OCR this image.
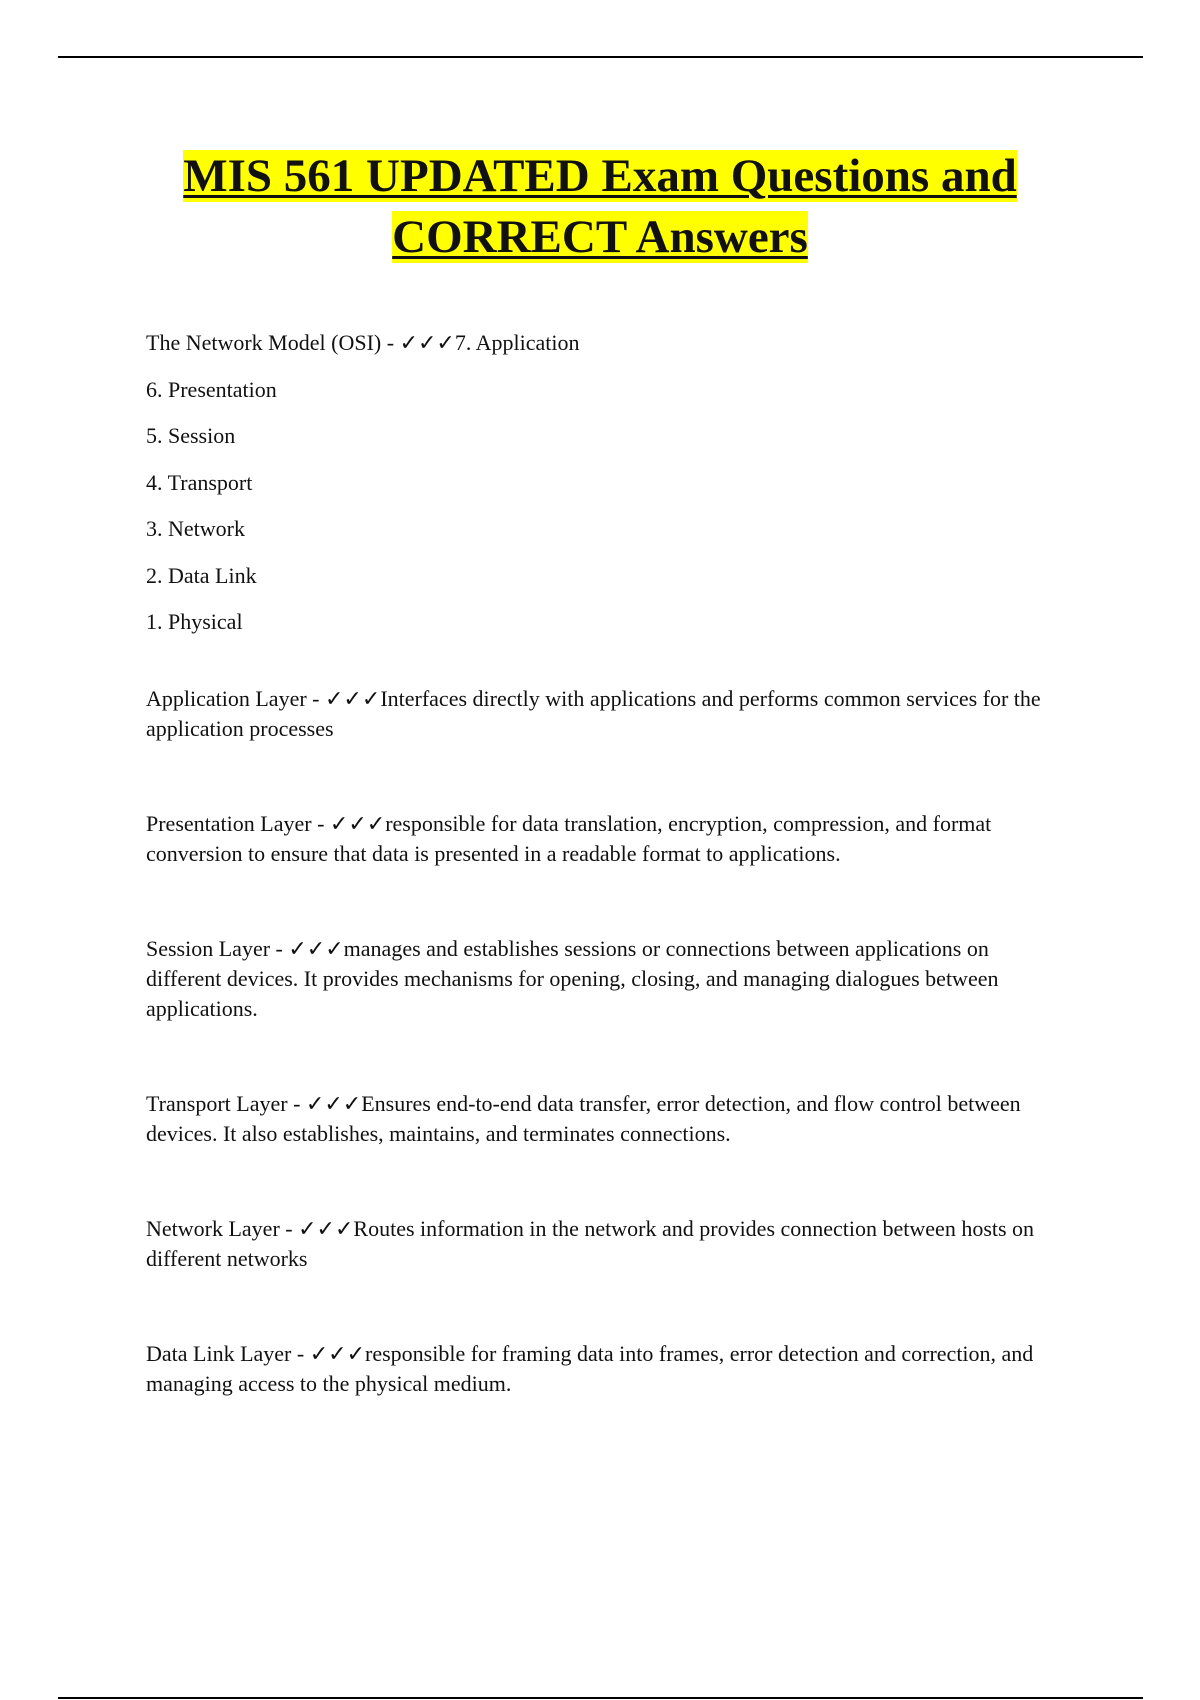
MIS 561 UPDATED Exam Questions and
CORRECT Answers

The Network Model (OSI) - ✓✓✓7. Application

6. Presentation
5. Session
4. Transport
3. Network
2. Data Link
1. Physical

Application Layer - ✓✓✓Interfaces directly with applications and performs common services for the application processes

Presentation Layer - ✓✓✓responsible for data translation, encryption, compression, and format conversion to ensure that data is presented in a readable format to applications.

Session Layer - ✓✓✓manages and establishes sessions or connections between applications on different devices. It provides mechanisms for opening, closing, and managing dialogues between applications.

Transport Layer - ✓✓✓Ensures end-to-end data transfer, error detection, and flow control between devices. It also establishes, maintains, and terminates connections.

Network Layer - ✓✓✓Routes information in the network and provides connection between hosts on different networks

Data Link Layer - ✓✓✓responsible for framing data into frames, error detection and correction, and managing access to the physical medium.
